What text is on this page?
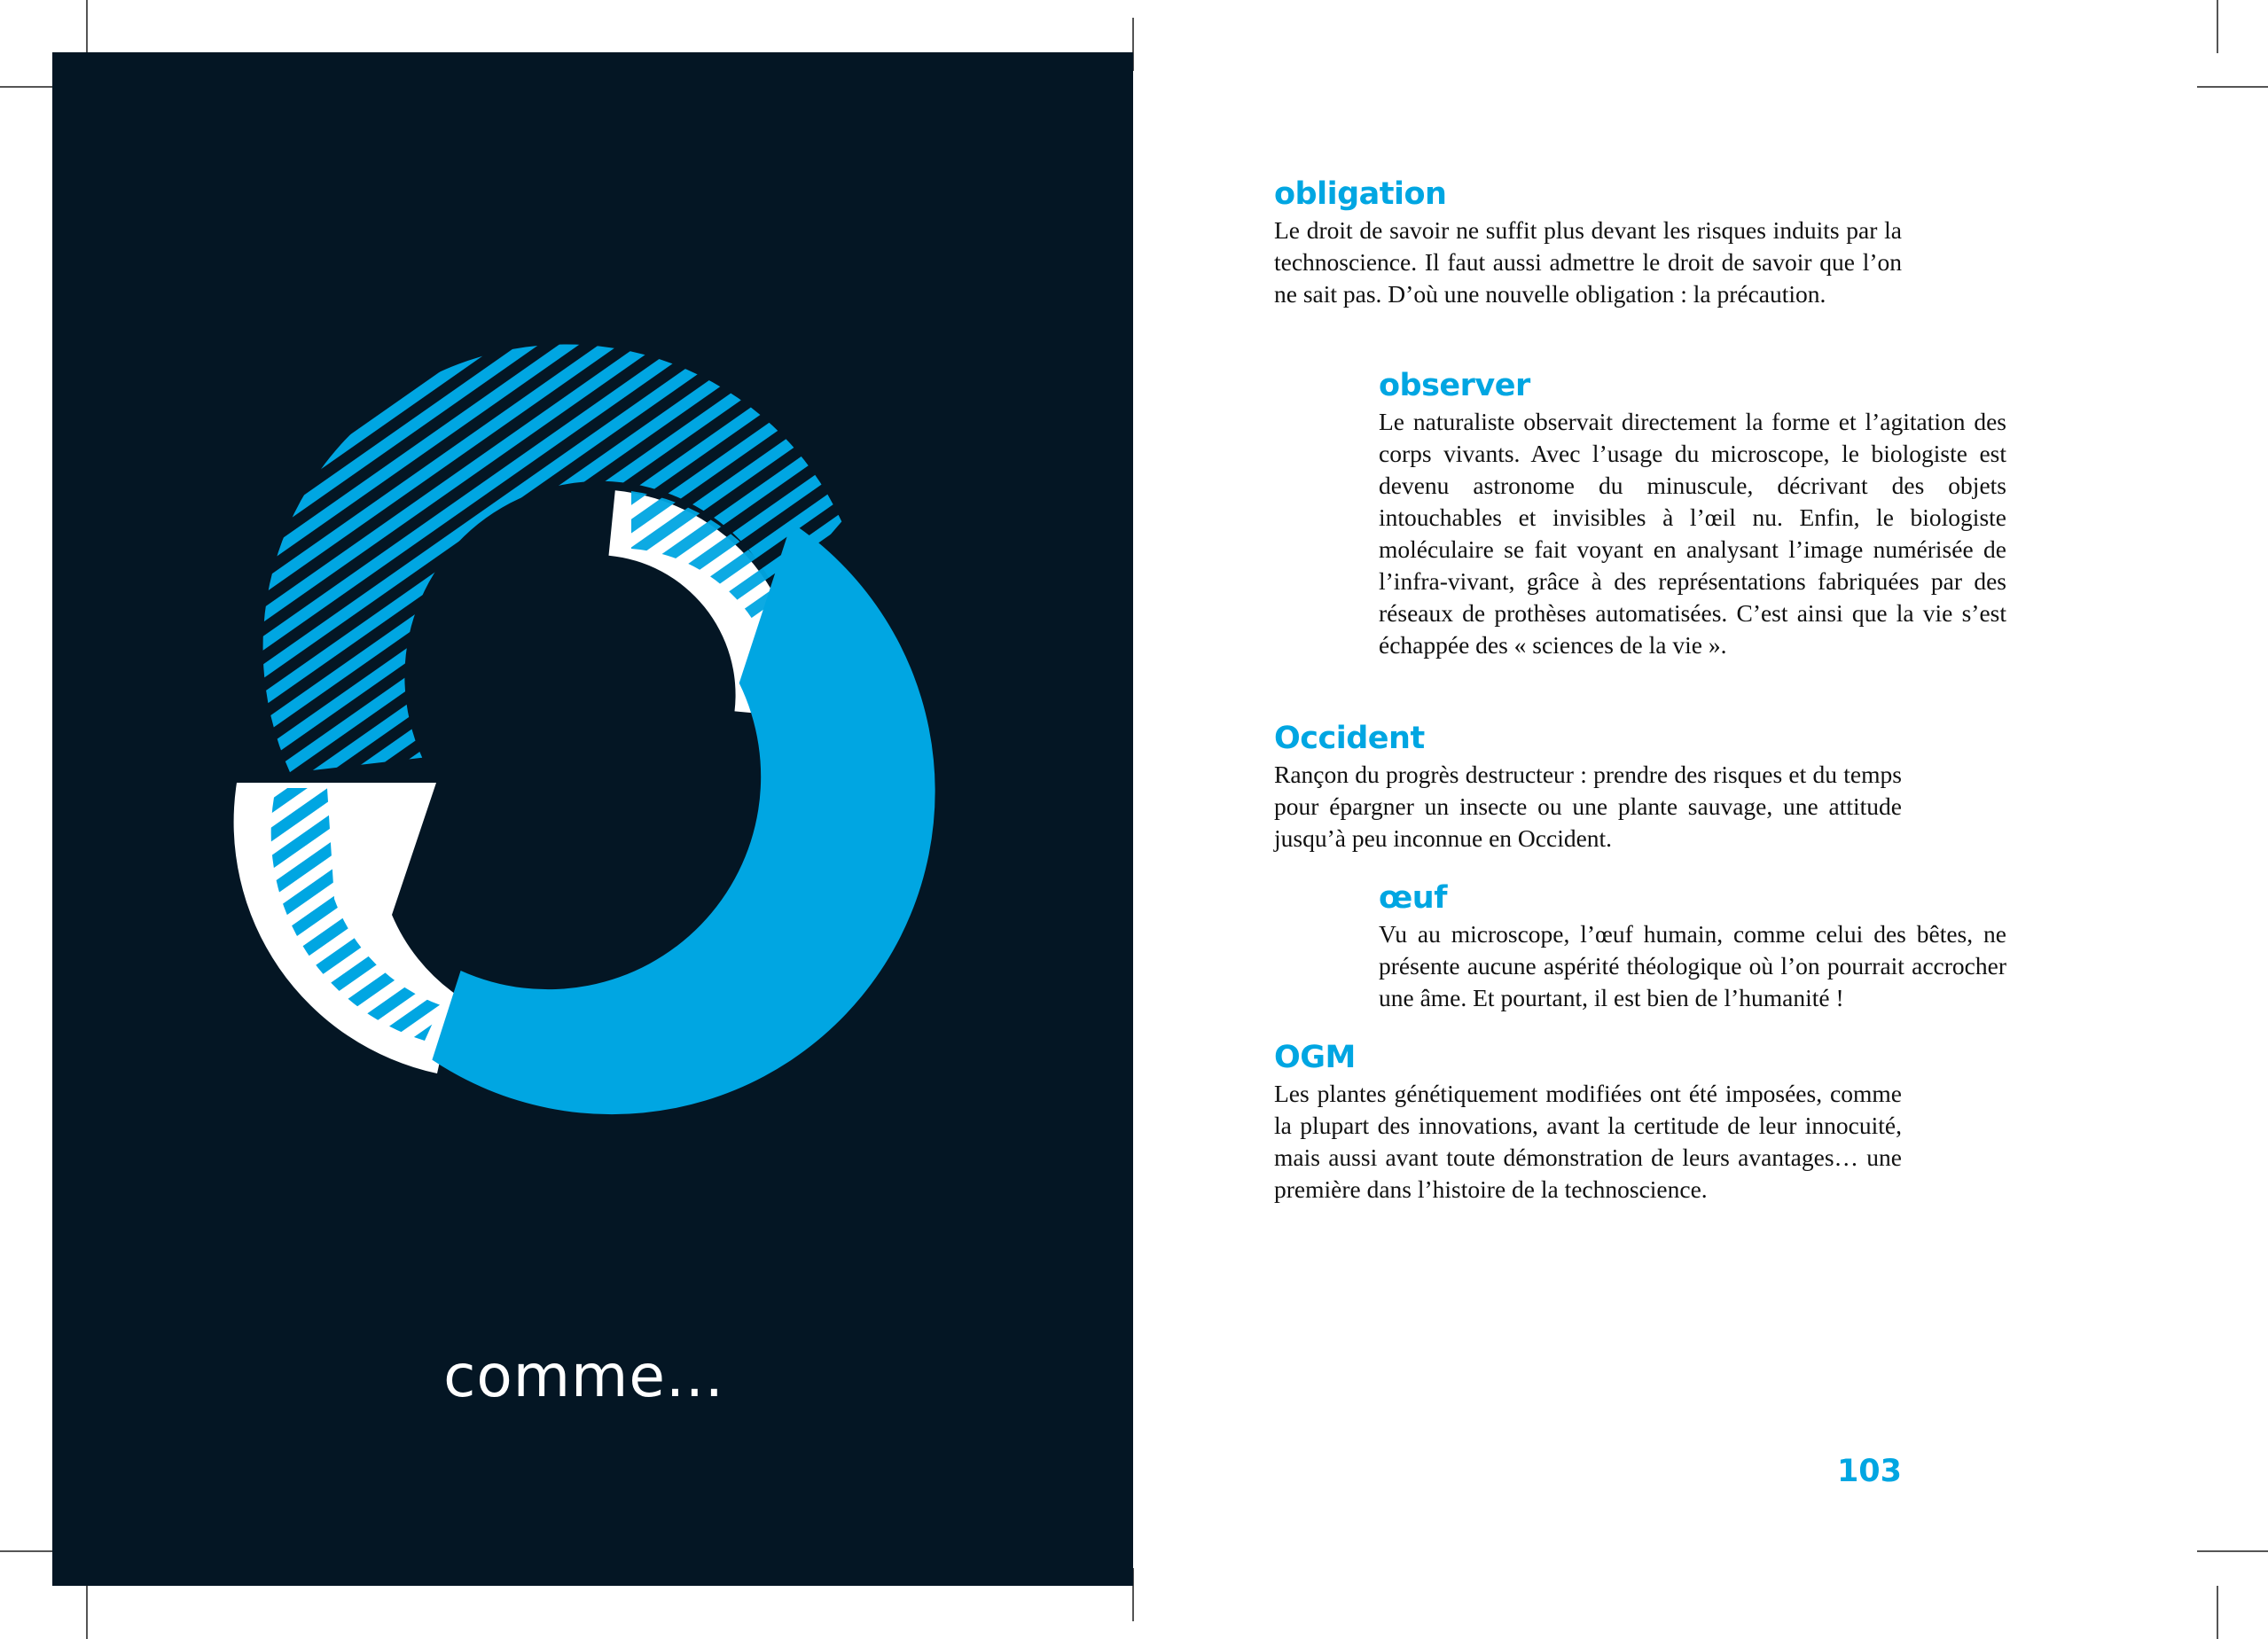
comme...
obligation

Le droit de savoir ne suffit plus devant les risques induits par la technoscience. Il faut aussi admettre le droit de savoir que l’on ne sait pas. D’où une nouvelle obligation : la précaution.

observer

Le naturaliste observait directement la forme et l’agitation des corps vivants. Avec l’usage du microscope, le biologiste est devenu astronome du minuscule, décrivant des objets intouchables et invisibles à l’œil nu. Enfin, le biologiste moléculaire se fait voyant en analysant l’image numérisée de l’infra-vivant, grâce à des représentations fabriquées par des réseaux de prothèses automatisées. C’est ainsi que la vie s’est échappée des « sciences de la vie ».

Occident

Rançon du progrès destructeur : prendre des risques et du temps pour épargner un insecte ou une plante sauvage, une attitude jusqu’à peu inconnue en Occident.

œuf

Vu au microscope, l’œuf humain, comme celui des bêtes, ne présente aucune aspérité théologique où l’on pourrait accrocher une âme. Et pourtant, il est bien de l’humanité !

OGM

Les plantes génétiquement modifiées ont été imposées, comme la plupart des innovations, avant la certitude de leur innocuité, mais aussi avant toute démonstration de leurs avantages… une première dans l’histoire de la technoscience.

103
